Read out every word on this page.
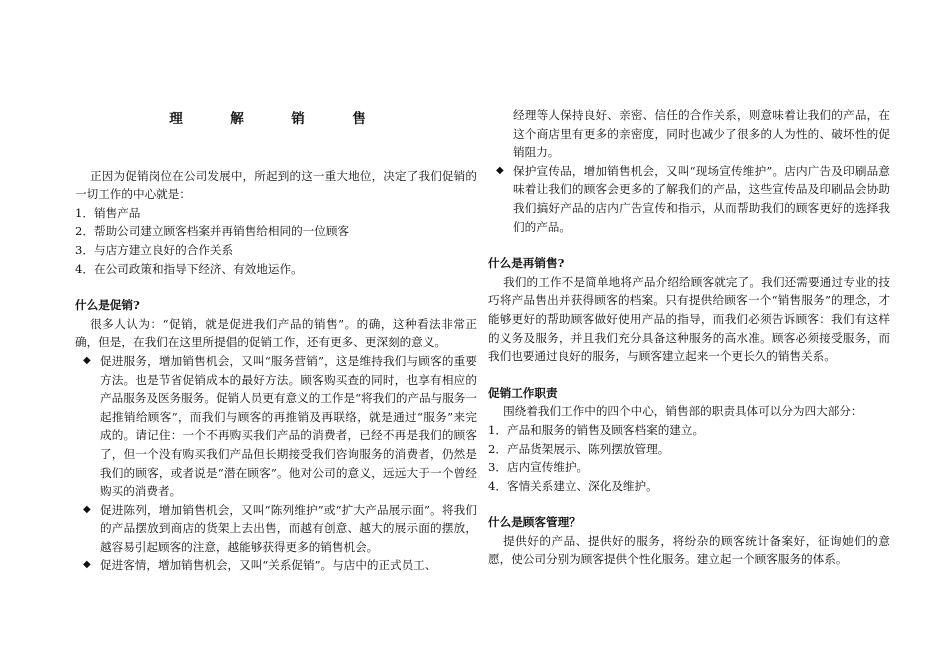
理　解　销　售

正因为促销岗位在公司发展中，所起到的这一重大地位，决定了我们促销的一切工作的中心就是：

1．销售产品

2．帮助公司建立顾客档案并再销售给相同的一位顾客

3．与店方建立良好的合作关系

4．在公司政策和指导下经济、有效地运作。

什么是促销?

很多人认为：“促销，就是促进我们产品的销售”。的确，这种看法非常正确，但是，在我们在这里所提倡的促销工作，还有更多、更深刻的意义。

◆ 促进服务，增加销售机会，又叫“服务营销”，这是维持我们与顾客的重要方法。也是节省促销成本的最好方法。顾客购买查的同时，也享有相应的产品服务及医务服务。促销人员更有意义的工作是“将我们的产品与服务一起推销给顾客”，而我们与顾客的再推销及再联络，就是通过“服务”来完成的。请记住：一个不再购买我们产品的消费者，已经不再是我们的顾客了，但一个没有购买我们产品但长期接受我们咨询服务的消费者，仍然是我们的顾客，或者说是“潜在顾客”。他对公司的意义，远远大于一个曾经购买的消费者。
◆ 促进陈列，增加销售机会，又叫“陈列维护”或“扩大产品展示面”。将我们的产品摆放到商店的货架上去出售，而越有创意、越大的展示面的摆放，越容易引起顾客的注意，越能够获得更多的销售机会。
◆ 促进客情，增加销售机会，又叫“关系促销”。与店中的正式员工、

经理等人保持良好、亲密、信任的合作关系，则意味着让我们的产品，在这个商店里有更多的亲密度，同时也减少了很多的人为性的、破坏性的促销阻力。

◆ 保护宣传品，增加销售机会，又叫“现场宣传维护”。店内广告及印刷品意味着让我们的顾客会更多的了解我们的产品，这些宣传品及印刷品会协助我们搞好产品的店内广告宣传和指示，从而帮助我们的顾客更好的选择我们的产品。

什么是再销售?

我们的工作不是简单地将产品介绍给顾客就完了。我们还需要通过专业的技巧将产品售出并获得顾客的档案。只有提供给顾客一个“销售服务”的理念，才能够更好的帮助顾客做好使用产品的指导，而我们必须告诉顾客：我们有这样的义务及服务，并且我们充分具备这种服务的高水准。顾客必须接受服务，而我们也要通过良好的服务，与顾客建立起来一个更长久的销售关系。

促销工作职责

围绕着我们工作中的四个中心，销售部的职责具体可以分为四大部分：

1．产品和服务的销售及顾客档案的建立。

2．产品货架展示、陈列摆放管理。

3．店内宣传维护。

4．客情关系建立、深化及维护。

什么是顾客管理？

提供好的产品、提供好的服务，将纷杂的顾客统计备案好，征询她们的意愿，使公司分别为顾客提供个性化服务。建立起一个顾客服务的体系。
